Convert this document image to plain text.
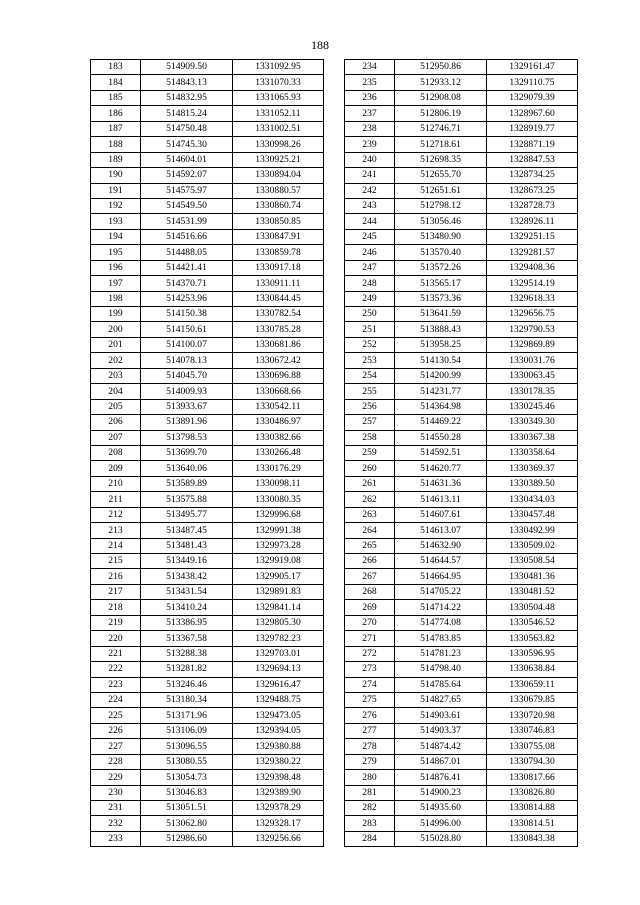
188
183	514909.50	1331092.95
184	514843.13	1331070.33
185	514832.95	1331065.93
186	514815.24	1331052.11
187	514750.48	1331002.51
188	514745.30	1330998.26
189	514604.01	1330925.21
190	514592.07	1330894.04
191	514575.97	1330880.57
192	514549.50	1330860.74
193	514531.99	1330850.85
194	514516.66	1330847.91
195	514488.05	1330859.78
196	514421.41	1330917.18
197	514370.71	1330911.11
198	514253.96	1330844.45
199	514150.38	1330782.54
200	514150.61	1330785.28
201	514100.07	1330681.86
202	514078.13	1330672.42
203	514045.70	1330696.88
204	514009.93	1330668.66
205	513933.67	1330542.11
206	513891.96	1330486.97
207	513798.53	1330382.66
208	513699.70	1330266.48
209	513640.06	1330176.29
210	513589.89	1330098.11
211	513575.88	1330080.35
212	513495.77	1329996.68
213	513487.45	1329991.38
214	513481.43	1329973.28
215	513449.16	1329919.08
216	513438.42	1329905.17
217	513431.54	1329891.83
218	513410.24	1329841.14
219	513386.95	1329805.30
220	513367.58	1329782.23
221	513288.38	1329703.01
222	513281.82	1329694.13
223	513246.46	1329616.47
224	513180.34	1329488.75
225	513171.96	1329473.05
226	513106.09	1329394.05
227	513096.55	1329380.88
228	513080.55	1329380.22
229	513054.73	1329398.48
230	513046.83	1329389.90
231	513051.51	1329378.29
232	513062.80	1329328.17
233	512986.60	1329256.66
234	512950.86	1329161.47
235	512933.12	1329110.75
236	512908.08	1329079.39
237	512806.19	1328967.60
238	512746.71	1328919.77
239	512718.61	1328871.19
240	512698.35	1328847.53
241	512655.70	1328734.25
242	512651.61	1328673.25
243	512798.12	1328728.73
244	513056.46	1328926.11
245	513480.90	1329251.15
246	513570.40	1329281.57
247	513572.26	1329408.36
248	513565.17	1329514.19
249	513573.36	1329618.33
250	513641.59	1329656.75
251	513888.43	1329790.53
252	513958.25	1329869.89
253	514130.54	1330031.76
254	514200.99	1330063.45
255	514231.77	1330178.35
256	514364.98	1330245.46
257	514469.22	1330349.30
258	514550.28	1330367.38
259	514592.51	1330358.64
260	514620.77	1330369.37
261	514631.36	1330389.50
262	514613.11	1330434.03
263	514607.61	1330457.48
264	514613.07	1330492.99
265	514632.90	1330509.02
266	514644.57	1330508.54
267	514664.95	1330481.36
268	514705.22	1330481.52
269	514714.22	1330504.48
270	514774.08	1330546.52
271	514783.85	1330563.82
272	514781.23	1330596.95
273	514798.40	1330638.84
274	514785.64	1330659.11
275	514827.65	1330679.85
276	514903.61	1330720.98
277	514903.37	1330746.83
278	514874.42	1330755.08
279	514867.01	1330794.30
280	514876.41	1330817.66
281	514900.23	1330826.80
282	514935.60	1330814.88
283	514996.00	1330814.51
284	515028.80	1330843.38
